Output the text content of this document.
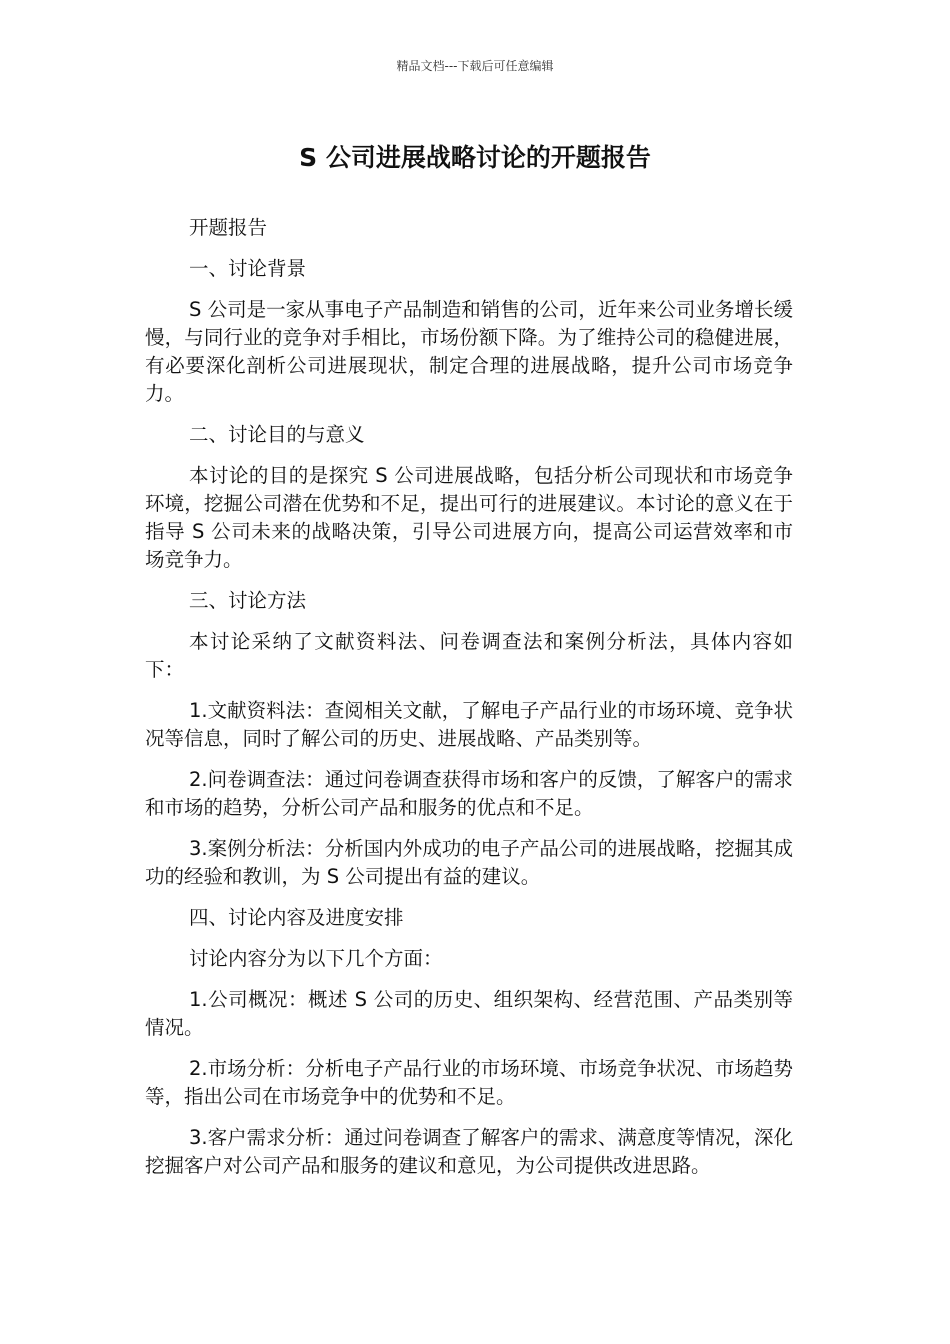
精品文档---下载后可任意编辑
S 公司进展战略讨论的开题报告

开题报告

一、讨论背景

S 公司是一家从事电子产品制造和销售的公司，近年来公司业务增长缓慢，与同行业的竞争对手相比，市场份额下降。为了维持公司的稳健进展，有必要深化剖析公司进展现状，制定合理的进展战略，提升公司市场竞争力。

二、讨论目的与意义

本讨论的目的是探究 S 公司进展战略，包括分析公司现状和市场竞争环境，挖掘公司潜在优势和不足，提出可行的进展建议。本讨论的意义在于指导 S 公司未来的战略决策，引导公司进展方向，提高公司运营效率和市场竞争力。

三、讨论方法

本讨论采纳了文献资料法、问卷调查法和案例分析法，具体内容如下：

1.文献资料法：查阅相关文献，了解电子产品行业的市场环境、竞争状况等信息，同时了解公司的历史、进展战略、产品类别等。

2.问卷调查法：通过问卷调查获得市场和客户的反馈，了解客户的需求和市场的趋势，分析公司产品和服务的优点和不足。

3.案例分析法：分析国内外成功的电子产品公司的进展战略，挖掘其成功的经验和教训，为 S 公司提出有益的建议。

四、讨论内容及进度安排

讨论内容分为以下几个方面：

1.公司概况：概述 S 公司的历史、组织架构、经营范围、产品类别等情况。

2.市场分析：分析电子产品行业的市场环境、市场竞争状况、市场趋势等，指出公司在市场竞争中的优势和不足。

3.客户需求分析：通过问卷调查了解客户的需求、满意度等情况，深化挖掘客户对公司产品和服务的建议和意见，为公司提供改进思路。
